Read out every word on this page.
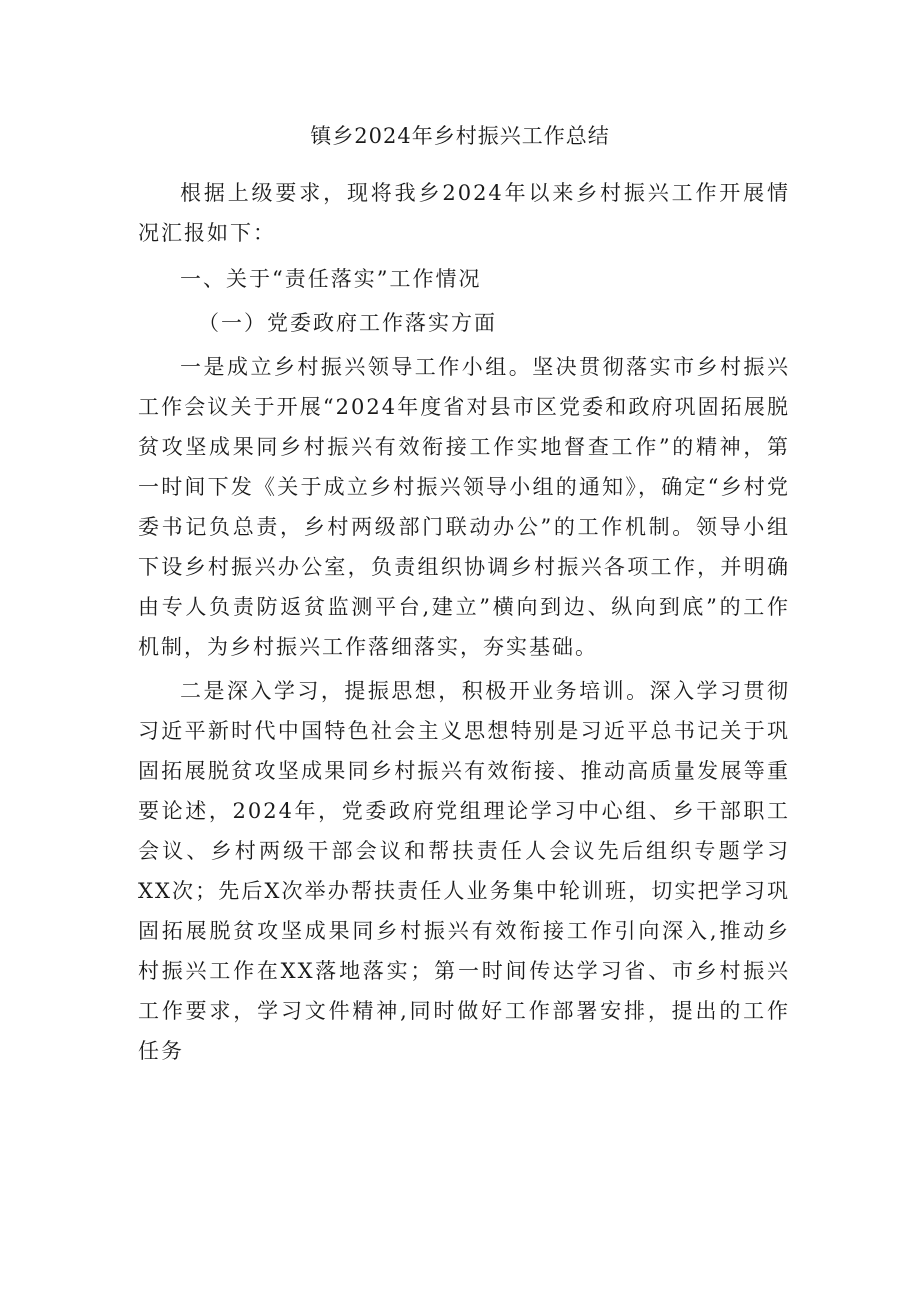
镇乡2024年乡村振兴工作总结

根据上级要求，现将我乡2024年以来乡村振兴工作开展情况汇报如下：

一、关于“责任落实”工作情况

（一）党委政府工作落实方面

一是成立乡村振兴领导工作小组。坚决贯彻落实市乡村振兴工作会议关于开展“2024年度省对县市区党委和政府巩固拓展脱贫攻坚成果同乡村振兴有效衔接工作实地督查工作”的精神，第一时间下发《关于成立乡村振兴领导小组的通知》，确定“乡村党委书记负总责，乡村两级部门联动办公”的工作机制。领导小组下设乡村振兴办公室，负责组织协调乡村振兴各项工作，并明确由专人负责防返贫监测平台,建立”横向到边、纵向到底”的工作机制，为乡村振兴工作落细落实，夯实基础。

二是深入学习，提振思想，积极开业务培训。深入学习贯彻习近平新时代中国特色社会主义思想特别是习近平总书记关于巩固拓展脱贫攻坚成果同乡村振兴有效衔接、推动高质量发展等重要论述，2024年，党委政府党组理论学习中心组、乡干部职工会议、乡村两级干部会议和帮扶责任人会议先后组织专题学习XX次；先后X次举办帮扶责任人业务集中轮训班，切实把学习巩固拓展脱贫攻坚成果同乡村振兴有效衔接工作引向深入,推动乡村振兴工作在XX落地落实；第一时间传达学习省、市乡村振兴工作要求，学习文件精神,同时做好工作部署安排，提出的工作任务
